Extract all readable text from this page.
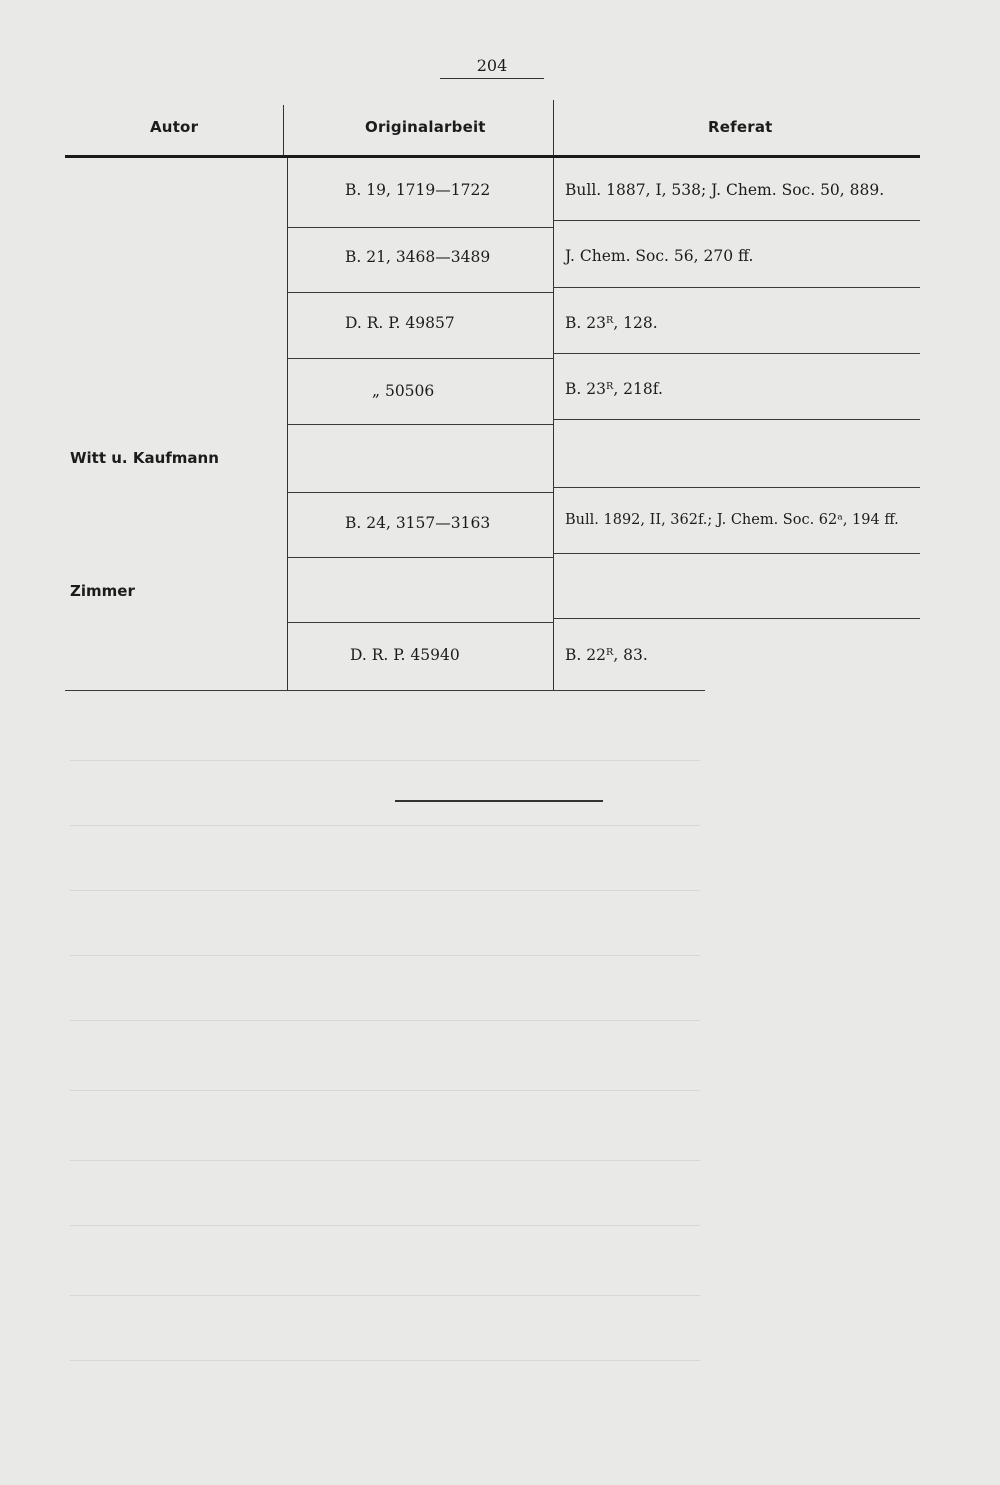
204
Autor	Originalarbeit	Referat
Witt u. Kaufmann
Zimmer
B. 19, 1719—1722
B. 21, 3468—3489
D. R. P. 49857
„ 50506
B. 24, 3157—3163
D. R. P. 45940
Bull. 1887, I, 538; J. Chem. Soc. 50, 889.
J. Chem. Soc. 56, 270 ff.
B. 23ᴿ, 128.
B. 23ᴿ, 218f.
Bull. 1892, II, 362f.; J. Chem. Soc. 62ᵃ, 194 ff.
B. 22ᴿ, 83.
